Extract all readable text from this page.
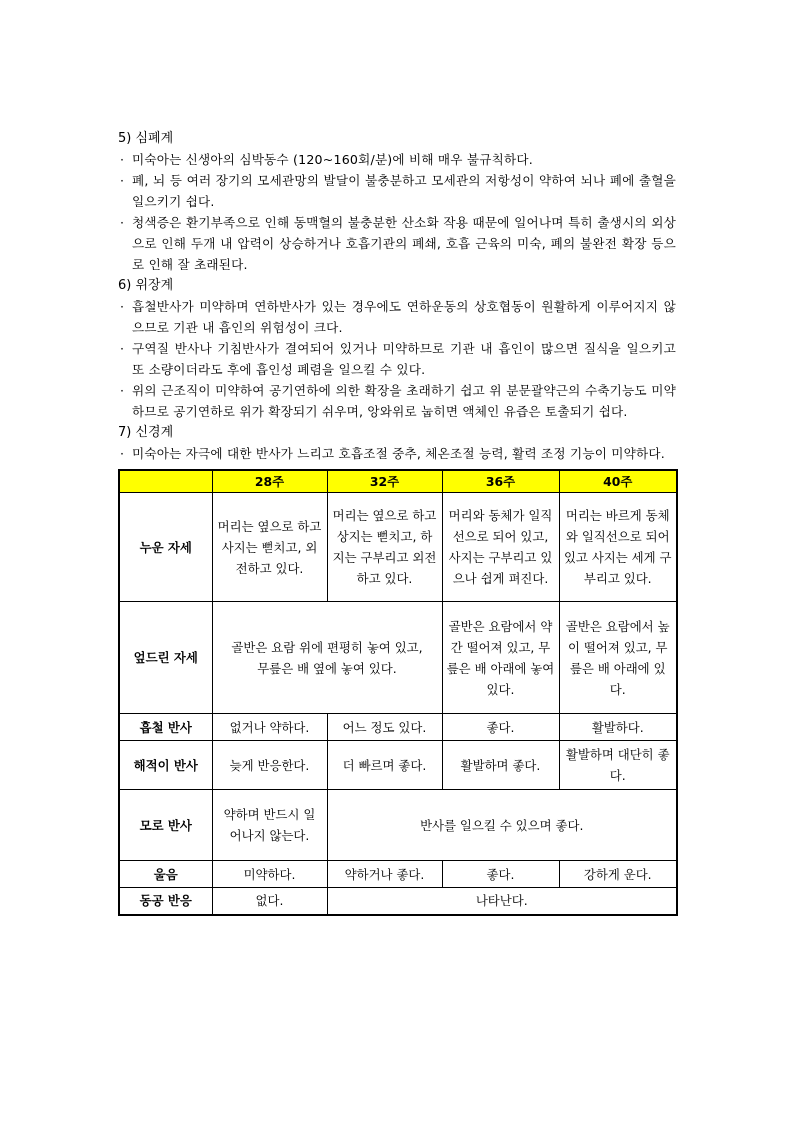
5) 심폐계
· 미숙아는 신생아의 심박동수 (120~160회/분)에 비해 매우 불규칙하다.
· 폐, 뇌 등 여러 장기의 모세관망의 발달이 불충분하고 모세관의 저항성이 약하여 뇌나 폐에 출혈을 일으키기 쉽다.
· 청색증은 환기부족으로 인해 동맥혈의 불충분한 산소화 작용 때문에 일어나며 특히 출생시의 외상으로 인해 두개 내 압력이 상승하거나 호흡기관의 폐쇄, 호흡 근육의 미숙, 폐의 불완전 확장 등으로 인해 잘 초래된다.
6) 위장계
· 흡철반사가 미약하며 연하반사가 있는 경우에도 연하운동의 상호협동이 원활하게 이루어지지 않으므로 기관 내 흡인의 위험성이 크다.
· 구역질 반사나 기침반사가 결여되어 있거나 미약하므로 기관 내 흡인이 많으면 질식을 일으키고 또 소량이더라도 후에 흡인성 폐렴을 일으킬 수 있다.
· 위의 근조직이 미약하여 공기연하에 의한 확장을 초래하기 쉽고 위 분문괄약근의 수축기능도 미약하므로 공기연하로 위가 확장되기 쉬우며, 앙와위로 눕히면 액체인 유즙은 토출되기 쉽다.
7) 신경계
· 미숙아는 자극에 대한 반사가 느리고 호흡조절 중추, 체온조절 능력, 활력 조정 기능이 미약하다.
	28주	32주	36주	40주
누운 자세	머리는 옆으로 하고 사지는 뻗치고, 외전하고 있다.	머리는 옆으로 하고 상지는 뻗치고, 하지는 구부리고 외전 하고 있다.	머리와 동체가 일직선으로 되어 있고, 사지는 구부리고 있으나 쉽게 펴진다.	머리는 바르게 동체와 일직선으로 되어 있고 사지는 세게 구부리고 있다.
엎드린 자세	골반은 요람 위에 편평히 놓여 있고, 무릎은 배 옆에 놓여 있다.		골반은 요람에서 약간 떨어져 있고, 무릎은 배 아래에 놓여 있다.	골반은 요람에서 높이 떨어져 있고, 무릎은 배 아래에 있다.
흡철 반사	없거나 약하다.	어느 정도 있다.	좋다.	활발하다.
해적이 반사	늦게 반응한다.	더 빠르며 좋다.	활발하며 좋다.	활발하며 대단히 좋다.
모로 반사	약하며 반드시 일어나지 않는다.	반사를 일으킬 수 있으며 좋다.		
울음	미약하다.	약하거나 좋다.	좋다.	강하게 운다.
동공 반응	없다.	나타난다.		
